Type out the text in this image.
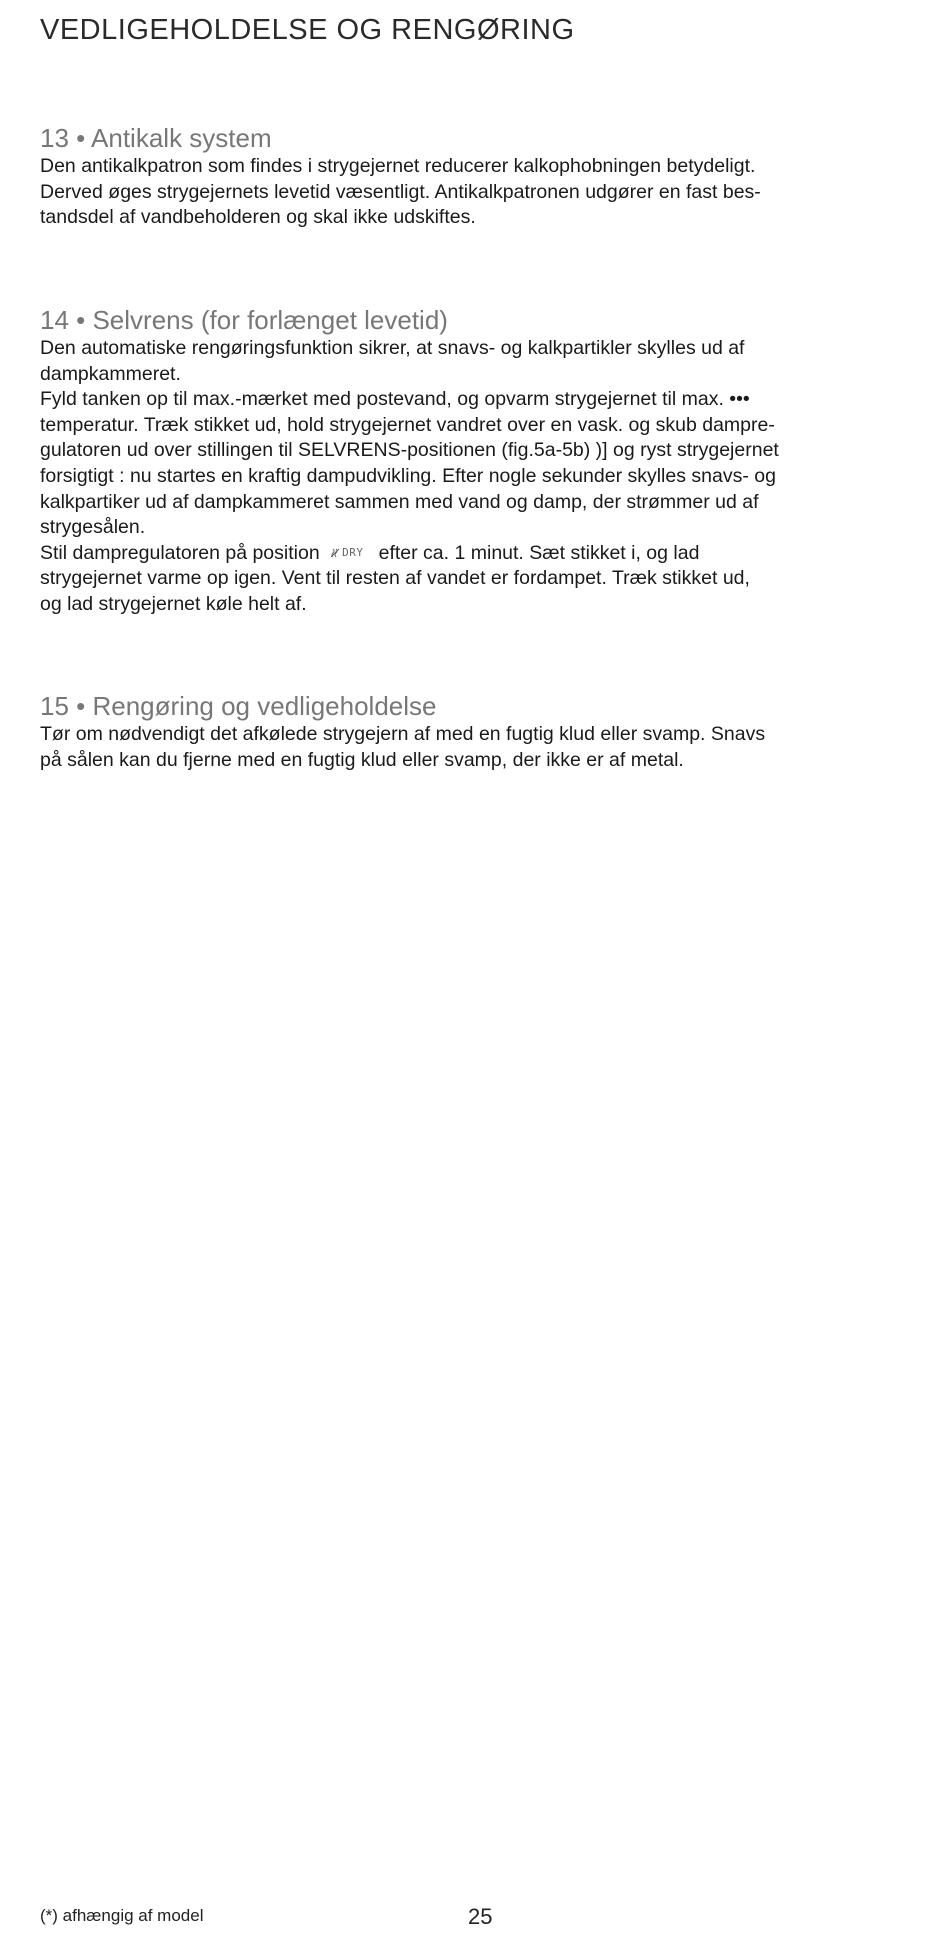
VEDLIGEHOLDELSE OG RENGØRING
13 • Antikalk system

Den antikalkpatron som findes i strygejernet reducerer kalkophobningen betydeligt.

Derved øges strygejernets levetid væsentligt. Antikalkpatronen udgører en fast bes-

tandsdel af vandbeholderen og skal ikke udskiftes.

14 • Selvrens (for forlænget levetid)

Den automatiske rengøringsfunktion sikrer, at snavs- og kalkpartikler skylles ud af

dampkammeret.

Fyld tanken op til max.-mærket med postevand, og opvarm strygejernet til max. •••

temperatur. Træk stikket ud, hold strygejernet vandret over en vask. og skub dampre-

gulatoren ud over stillingen til SELVRENS-positionen (fig.5a-5b) )] og ryst strygejernet

forsigtigt : nu startes en kraftig dampudvikling. Efter nogle sekunder skylles snavs- og

kalkpartiker ud af dampkammeret sammen med vand og damp, der strømmer ud af

strygesålen.

Stil dampregulatoren på position DRY efter ca. 1 minut. Sæt stikket i, og lad

strygejernet varme op igen. Vent til resten af vandet er fordampet. Træk stikket ud,

og lad strygejernet køle helt af.

15 • Rengøring og vedligeholdelse

Tør om nødvendigt det afkølede strygejern af med en fugtig klud eller svamp. Snavs

på sålen kan du fjerne med en fugtig klud eller svamp, der ikke er af metal.

(*) afhængig af model	25
